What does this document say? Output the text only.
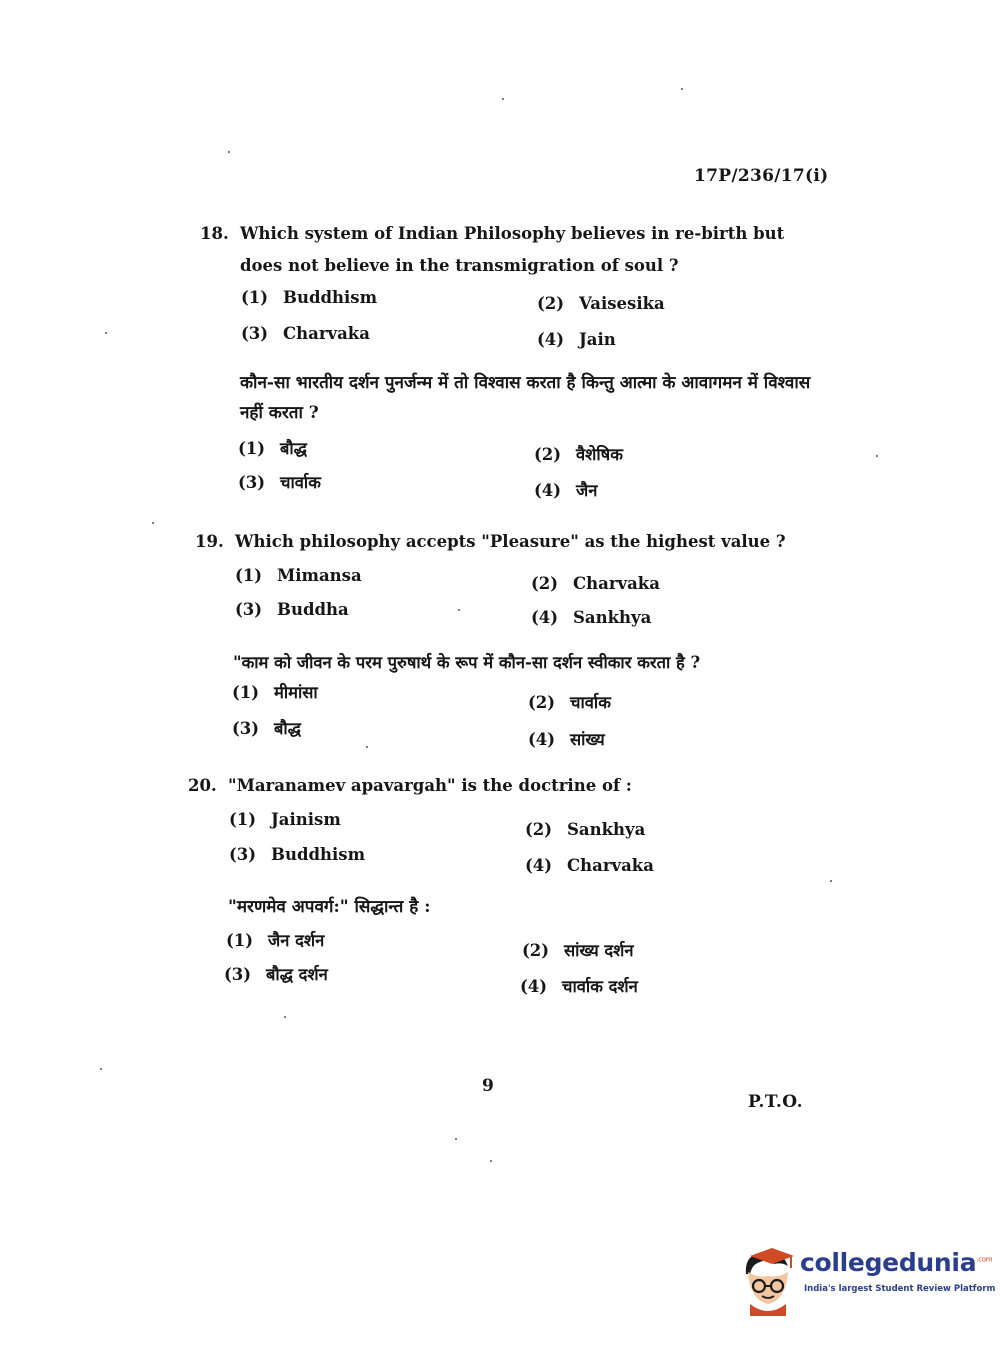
17P/236/17(i)
18. Which system of Indian Philosophy believes in re-birth but does not believe in the transmigration of soul ?
(1) Buddhism	(2) Vaisesika
(3) Charvaka	(4) Jain
कौन-सा भारतीय दर्शन पुनर्जन्म में तो विश्वास करता है किन्तु आत्मा के आवागमन में विश्वास नहीं करता ?
(1) बौद्ध	(2) वैशेषिक
(3) चार्वाक	(4) जैन
19. Which philosophy accepts "Pleasure" as the highest value ?
(1) Mimansa	(2) Charvaka
(3) Buddha	(4) Sankhya
"काम को जीवन के परम पुरुषार्थ के रूप में कौन-सा दर्शन स्वीकार करता है ?
(1) मीमांसा
(2) चार्वाक
(3) बौद्ध
(4) सांख्य
20. "Maranamev apavargah" is the doctrine of :
(1) Jainism
(2) Sankhya
(3) Buddhism
(4) Charvaka
"मरणमेव अपवर्ग:" सिद्धान्त है :
(1) जैन दर्शन
(2) सांख्य दर्शन
(3) बौद्ध दर्शन
(4) चार्वाक दर्शन
9
P.T.O.
collegedunia$^{.com}$
India's largest Student Review Platform
